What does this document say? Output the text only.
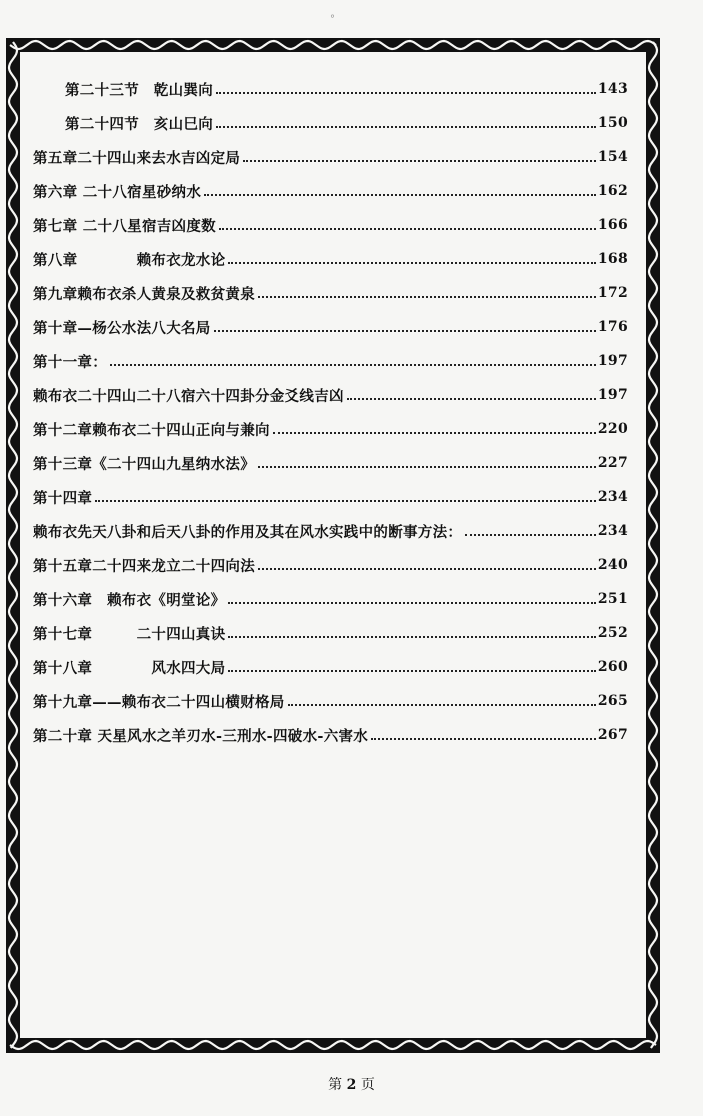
°
第二十三节　乾山巽向	143
第二十四节　亥山巳向	150
第五章二十四山来去水吉凶定局	154
第六章 二十八宿星砂纳水	162
第七章 二十八星宿吉凶度数	166
第八章　　　　赖布衣龙水论	168
第九章赖布衣杀人黄泉及救贫黄泉	172
第十章—杨公水法八大名局	176
第十一章：	197
赖布衣二十四山二十八宿六十四卦分金爻线吉凶	197
第十二章赖布衣二十四山正向与兼向	220
第十三章《二十四山九星纳水法》	227
第十四章	234
赖布衣先天八卦和后天八卦的作用及其在风水实践中的断事方法：	234
第十五章二十四来龙立二十四向法	240
第十六章　赖布衣《明堂论》	251
第十七章　　　二十四山真诀	252
第十八章　　　　风水四大局	260
第十九章——赖布衣二十四山横财格局	265
第二十章 天星风水之羊刃水-三刑水-四破水-六害水	267
第 2 页
